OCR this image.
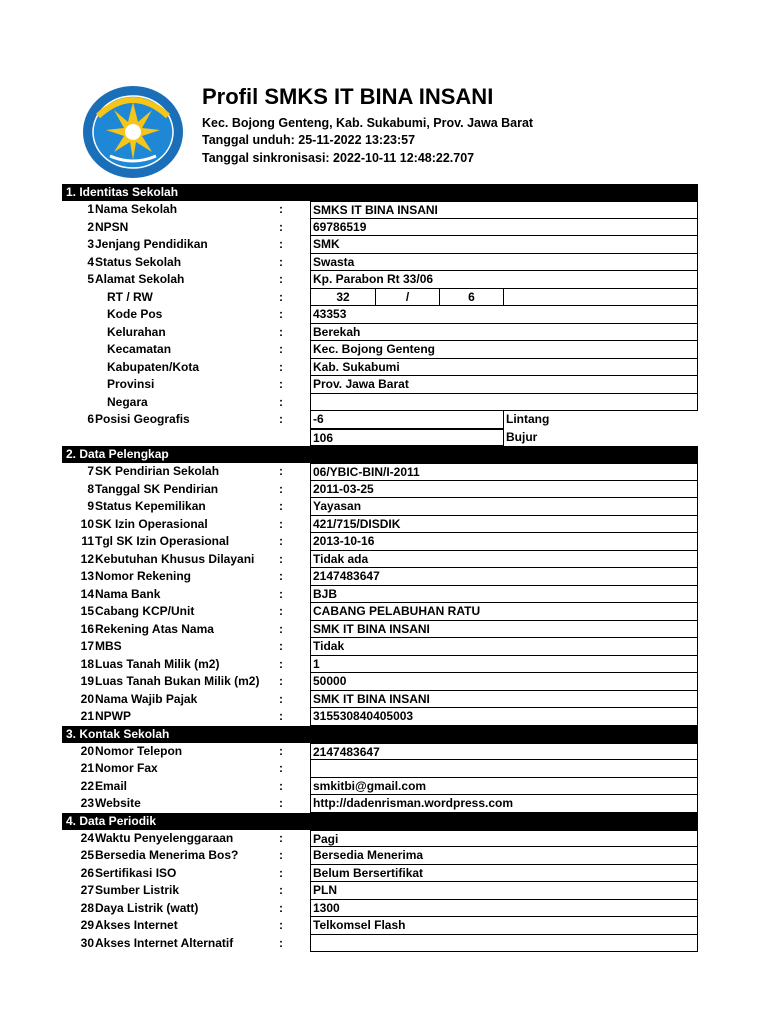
Profil SMKS IT BINA INSANI
Kec. Bojong Genteng, Kab. Sukabumi, Prov. Jawa Barat
Tanggal unduh: 25-11-2022 13:23:57
Tanggal sinkronisasi: 2022-10-11 12:48:22.707
1. Identitas Sekolah
1 Nama Sekolah	:	SMKS IT BINA INSANI
2 NPSN	:	69786519
3 Jenjang Pendidikan	:	SMK
4 Status Sekolah	:	Swasta
5 Alamat Sekolah	:	Kp. Parabon Rt 33/06
RT / RW	:	32	/	6
Kode Pos	:	43353
Kelurahan	:	Berekah
Kecamatan	:	Kec. Bojong Genteng
Kabupaten/Kota	:	Kab. Sukabumi
Provinsi	:	Prov. Jawa Barat
Negara	:
6 Posisi Geografis	:	-6	Lintang
106	Bujur
2. Data Pelengkap
7 SK Pendirian Sekolah	:	06/YBIC-BIN/I-2011
8 Tanggal SK Pendirian	:	2011-03-25
9 Status Kepemilikan	:	Yayasan
10 SK Izin Operasional	:	421/715/DISDIK
11 Tgl SK Izin Operasional	:	2013-10-16
12 Kebutuhan Khusus Dilayani :	Tidak ada
13 Nomor Rekening	:	2147483647
14 Nama Bank	:	BJB
15 Cabang KCP/Unit	:	CABANG PELABUHAN RATU
16 Rekening Atas Nama	:	SMK IT BINA INSANI
17 MBS	:	Tidak
18 Luas Tanah Milik (m2)	:	1
19 Luas Tanah Bukan Milik (m2) :	50000
20 Nama Wajib Pajak	:	SMK IT BINA INSANI
21 NPWP	:	315530840405003
3. Kontak Sekolah
20 Nomor Telepon	:	2147483647
21 Nomor Fax	:
22 Email	:	smkitbi@gmail.com
23 Website	:	http://dadenrisman.wordpress.com
4. Data Periodik
24 Waktu Penyelenggaraan	:	Pagi
25 Bersedia Menerima Bos?	:	Bersedia Menerima
26 Sertifikasi ISO	:	Belum Bersertifikat
27 Sumber Listrik	:	PLN
28 Daya Listrik (watt)	:	1300
29 Akses Internet	:	Telkomsel Flash
30 Akses Internet Alternatif	:
